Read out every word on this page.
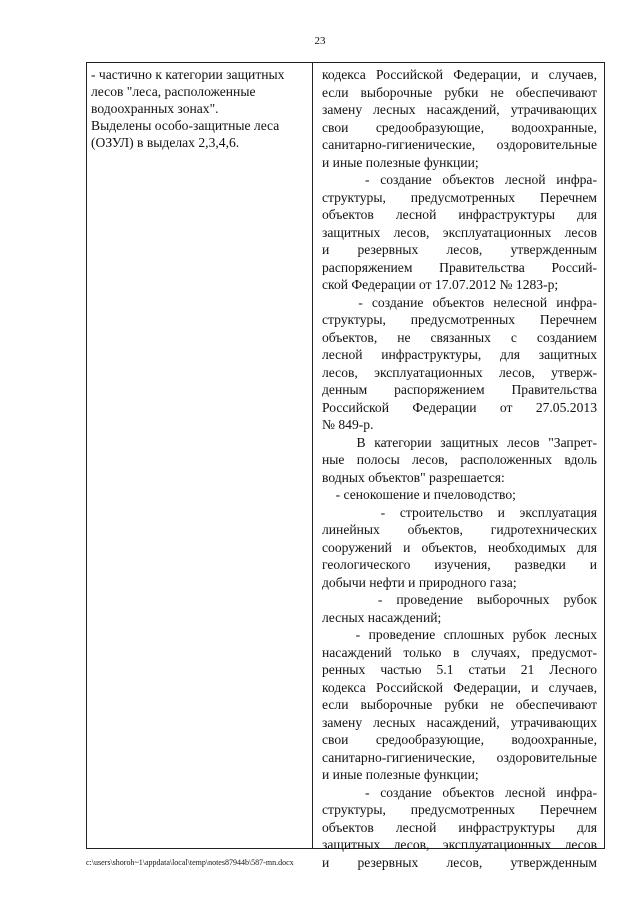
23
- частично к категории защитных
лесов "леса, расположенные
водоохранных зонах".
Выделены особо-защитные леса
(ОЗУЛ) в выделах 2,3,4,6.
кодекса Российской Федерации, и случаев,
если выборочные рубки не обеспечивают
замену лесных насаждений, утрачивающих
свои средообразующие, водоохранные,
санитарно-гигиенические, оздоровительные
и иные полезные функции;
- создание объектов лесной инфра-
структуры, предусмотренных Перечнем
объектов лесной инфраструктуры для
защитных лесов, эксплуатационных лесов
и резервных лесов, утвержденным
распоряжением Правительства Россий-
ской Федерации от 17.07.2012 № 1283-р;
- создание объектов нелесной инфра-
структуры, предусмотренных Перечнем
объектов, не связанных с созданием
лесной инфраструктуры, для защитных
лесов, эксплуатационных лесов, утверж-
денным распоряжением Правительства
Российской Федерации от 27.05.2013
№ 849-р.
В категории защитных лесов "Запрет-
ные полосы лесов, расположенных вдоль
водных объектов" разрешается:
- сенокошение и пчеловодство;
- строительство и эксплуатация
линейных объектов, гидротехнических
сооружений и объектов, необходимых для
геологического изучения, разведки и
добычи нефти и природного газа;
- проведение выборочных рубок
лесных насаждений;
- проведение сплошных рубок лесных
насаждений только в случаях, предусмот-
ренных частью 5.1 статьи 21 Лесного
кодекса Российской Федерации, и случаев,
если выборочные рубки не обеспечивают
замену лесных насаждений, утрачивающих
свои средообразующие, водоохранные,
санитарно-гигиенические, оздоровительные
и иные полезные функции;
- создание объектов лесной инфра-
структуры, предусмотренных Перечнем
объектов лесной инфраструктуры для
защитных лесов, эксплуатационных лесов
и резервных лесов, утвержденным
c:\users\shoroh~1\appdata\local\temp\notes87944b\587-mn.docx
